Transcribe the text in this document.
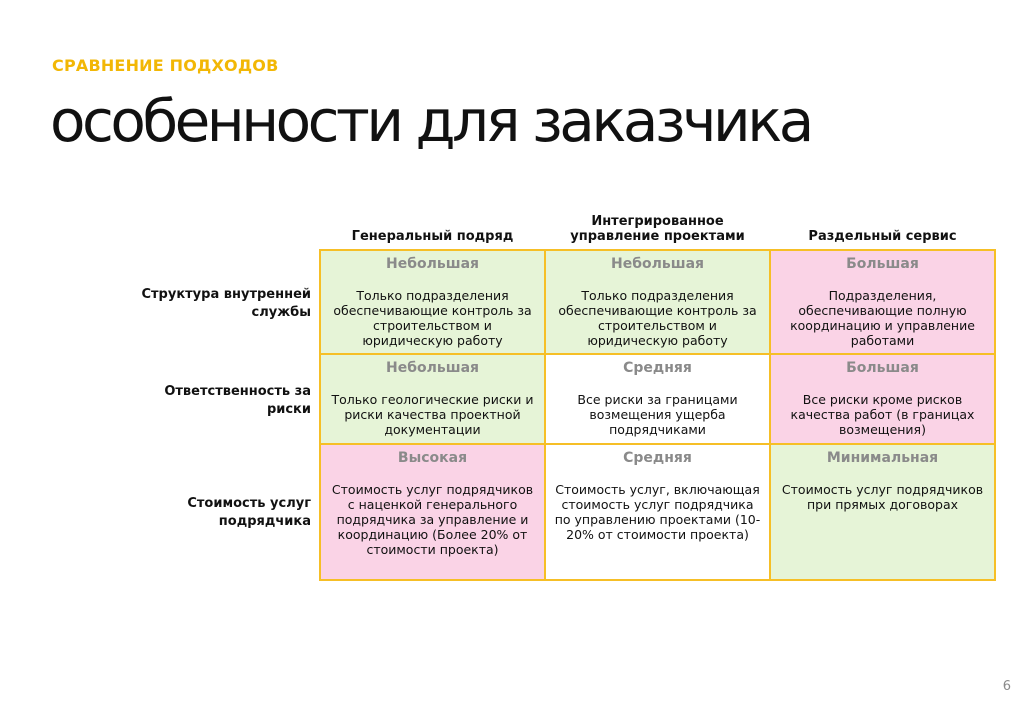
СРАВНЕНИЕ ПОДХОДОВ
особенности для заказчика
Генеральный подряд
Интегрированное управление проектами	Раздельный сервис
Структура внутренней службы
Ответственность за риски
Стоимость услуг подрядчика
Небольшая
Только подразделения обеспечивающие контроль за строительством и юридическую работу
Небольшая
Только подразделения обеспечивающие контроль за строительством и юридическую работу
Большая
Подразделения, обеспечивающие полную координацию и управление работами
Небольшая
Только геологические риски и риски качества проектной документации
Средняя
Все риски за границами возмещения ущерба подрядчиками
Большая
Все риски кроме рисков качества работ (в границах возмещения)
Высокая
Стоимость услуг подрядчиков с наценкой генерального подрядчика за управление и координацию (Более 20% от стоимости проекта)
Средняя
Стоимость услуг, включающая стоимость услуг подрядчика по управлению проектами (10-20% от стоимости проекта)
Минимальная
Стоимость услуг подрядчиков при прямых договорах
6
